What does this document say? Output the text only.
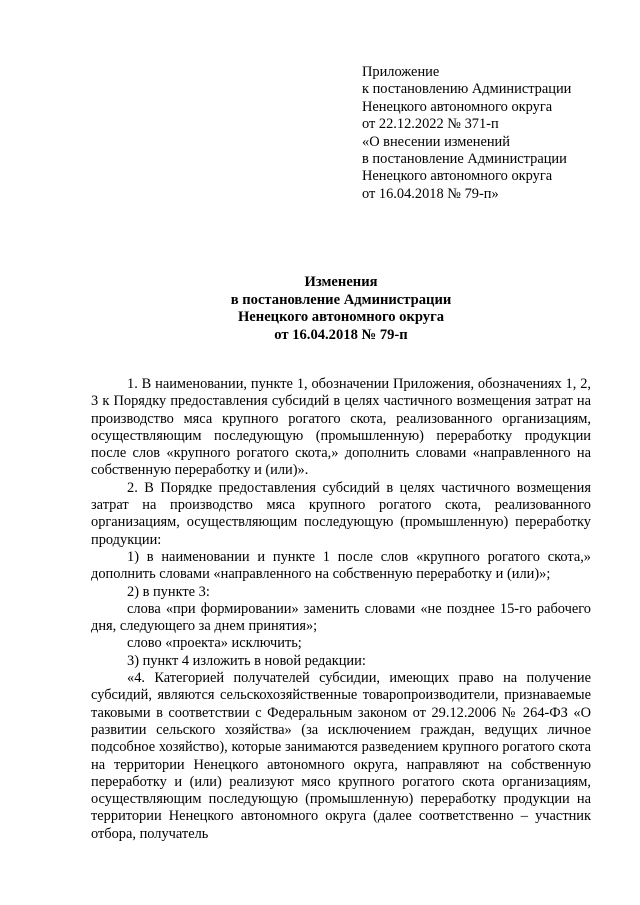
Приложение
к постановлению Администрации
Ненецкого автономного округа
от 22.12.2022 № 371-п
«О внесении изменений
в постановление Администрации
Ненецкого автономного округа
от 16.04.2018 № 79-п»
Изменения
в постановление Администрации
Ненецкого автономного округа
от 16.04.2018 № 79-п

1. В наименовании, пункте 1, обозначении Приложения, обозначениях 1, 2, 3 к Порядку предоставления субсидий в целях частичного возмещения затрат на производство мяса крупного рогатого скота, реализованного организациям, осуществляющим последующую (промышленную) переработку продукции после слов «крупного рогатого скота,» дополнить словами «направленного на собственную переработку и (или)».

2. В Порядке предоставления субсидий в целях частичного возмещения затрат на производство мяса крупного рогатого скота, реализованного организациям, осуществляющим последующую (промышленную) переработку продукции:

1) в наименовании и пункте 1 после слов «крупного рогатого скота,» дополнить словами «направленного на собственную переработку и (или)»;

2) в пункте 3:

слова «при формировании» заменить словами «не позднее 15-го рабочего дня, следующего за днем принятия»;

слово «проекта» исключить;

3) пункт 4 изложить в новой редакции:

«4. Категорией получателей субсидии, имеющих право на получение субсидий, являются сельскохозяйственные товаропроизводители, признаваемые таковыми в соответствии с Федеральным законом от 29.12.2006 № 264-ФЗ «О развитии сельского хозяйства» (за исключением граждан, ведущих личное подсобное хозяйство), которые занимаются разведением крупного рогатого скота на территории Ненецкого автономного округа, направляют на собственную переработку и (или) реализуют мясо крупного рогатого скота организациям, осуществляющим последующую (промышленную) переработку продукции на территории Ненецкого автономного округа (далее соответственно – участник отбора, получатель
